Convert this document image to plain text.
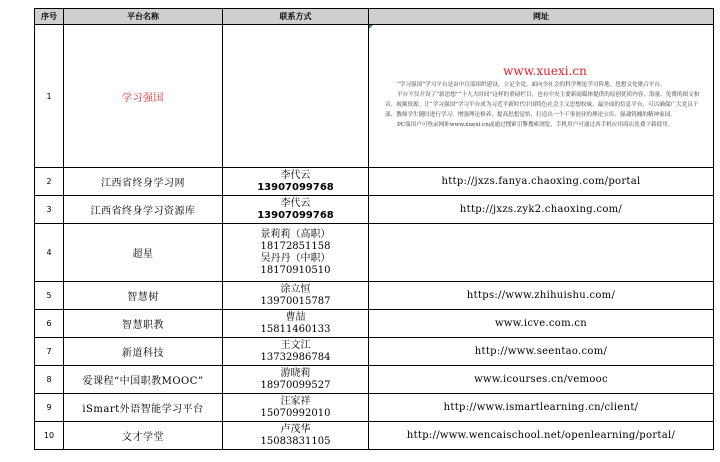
序号	平台名称	联系方式	网址
1	学习强国		www.xuexi.cn
“学习强国”学习平台是由中宣部组织建设，立足全党、面向全社会的科学理论学习阵地、思想文化聚合平台。
平台不仅开设了“新思想”“十九大时间”这样的重磅栏目，也有中央主要新闻媒体提供的原创优质内容、海量、免费的图文和音、视频资源。让“学习强国”学习平台成为习近平新时代中国特色社会主义思想权威、最全面的信息平台，可以确保广大党员干部、教师学生随时进行学习，增强理论修养，提高思想觉悟，打造出一个干事创业的理论宝库、强魂铸魄的精神家园。
PC端用户可登录网址www.xuexi.cn或通过搜索引擎搜索浏览，手机用户可通过各手机应用商店免费下载使用。

2	江西省终身学习网	李代云
13907099768	http://jxzs.fanya.chaoxing.com/portal
3	江西省终身学习资源库	李代云
13907099768	http://jxzs.zyk2.chaoxing.com/
4	超星	景莉莉（高职）
18172851158
吴丹丹（中职）
18170910510	

5	智慧树	涂立恒
13970015787	https://www.zhihuishu.com/
6	智慧职教	曹喆
15811460133	www.icve.com.cn
7	新道科技	王文江
13732986784	http://www.seentao.com/
8	爱课程“中国职教MOOC”	游晓莉
18970099527	www.icourses.cn/vemooc
9	iSmart外语智能学习平台	汪家祥
15070992010	http://www.ismartlearning.cn/client/
10	文才学堂	卢茂华
15083831105	http://www.wencaischool.net/openlearning/portal/
